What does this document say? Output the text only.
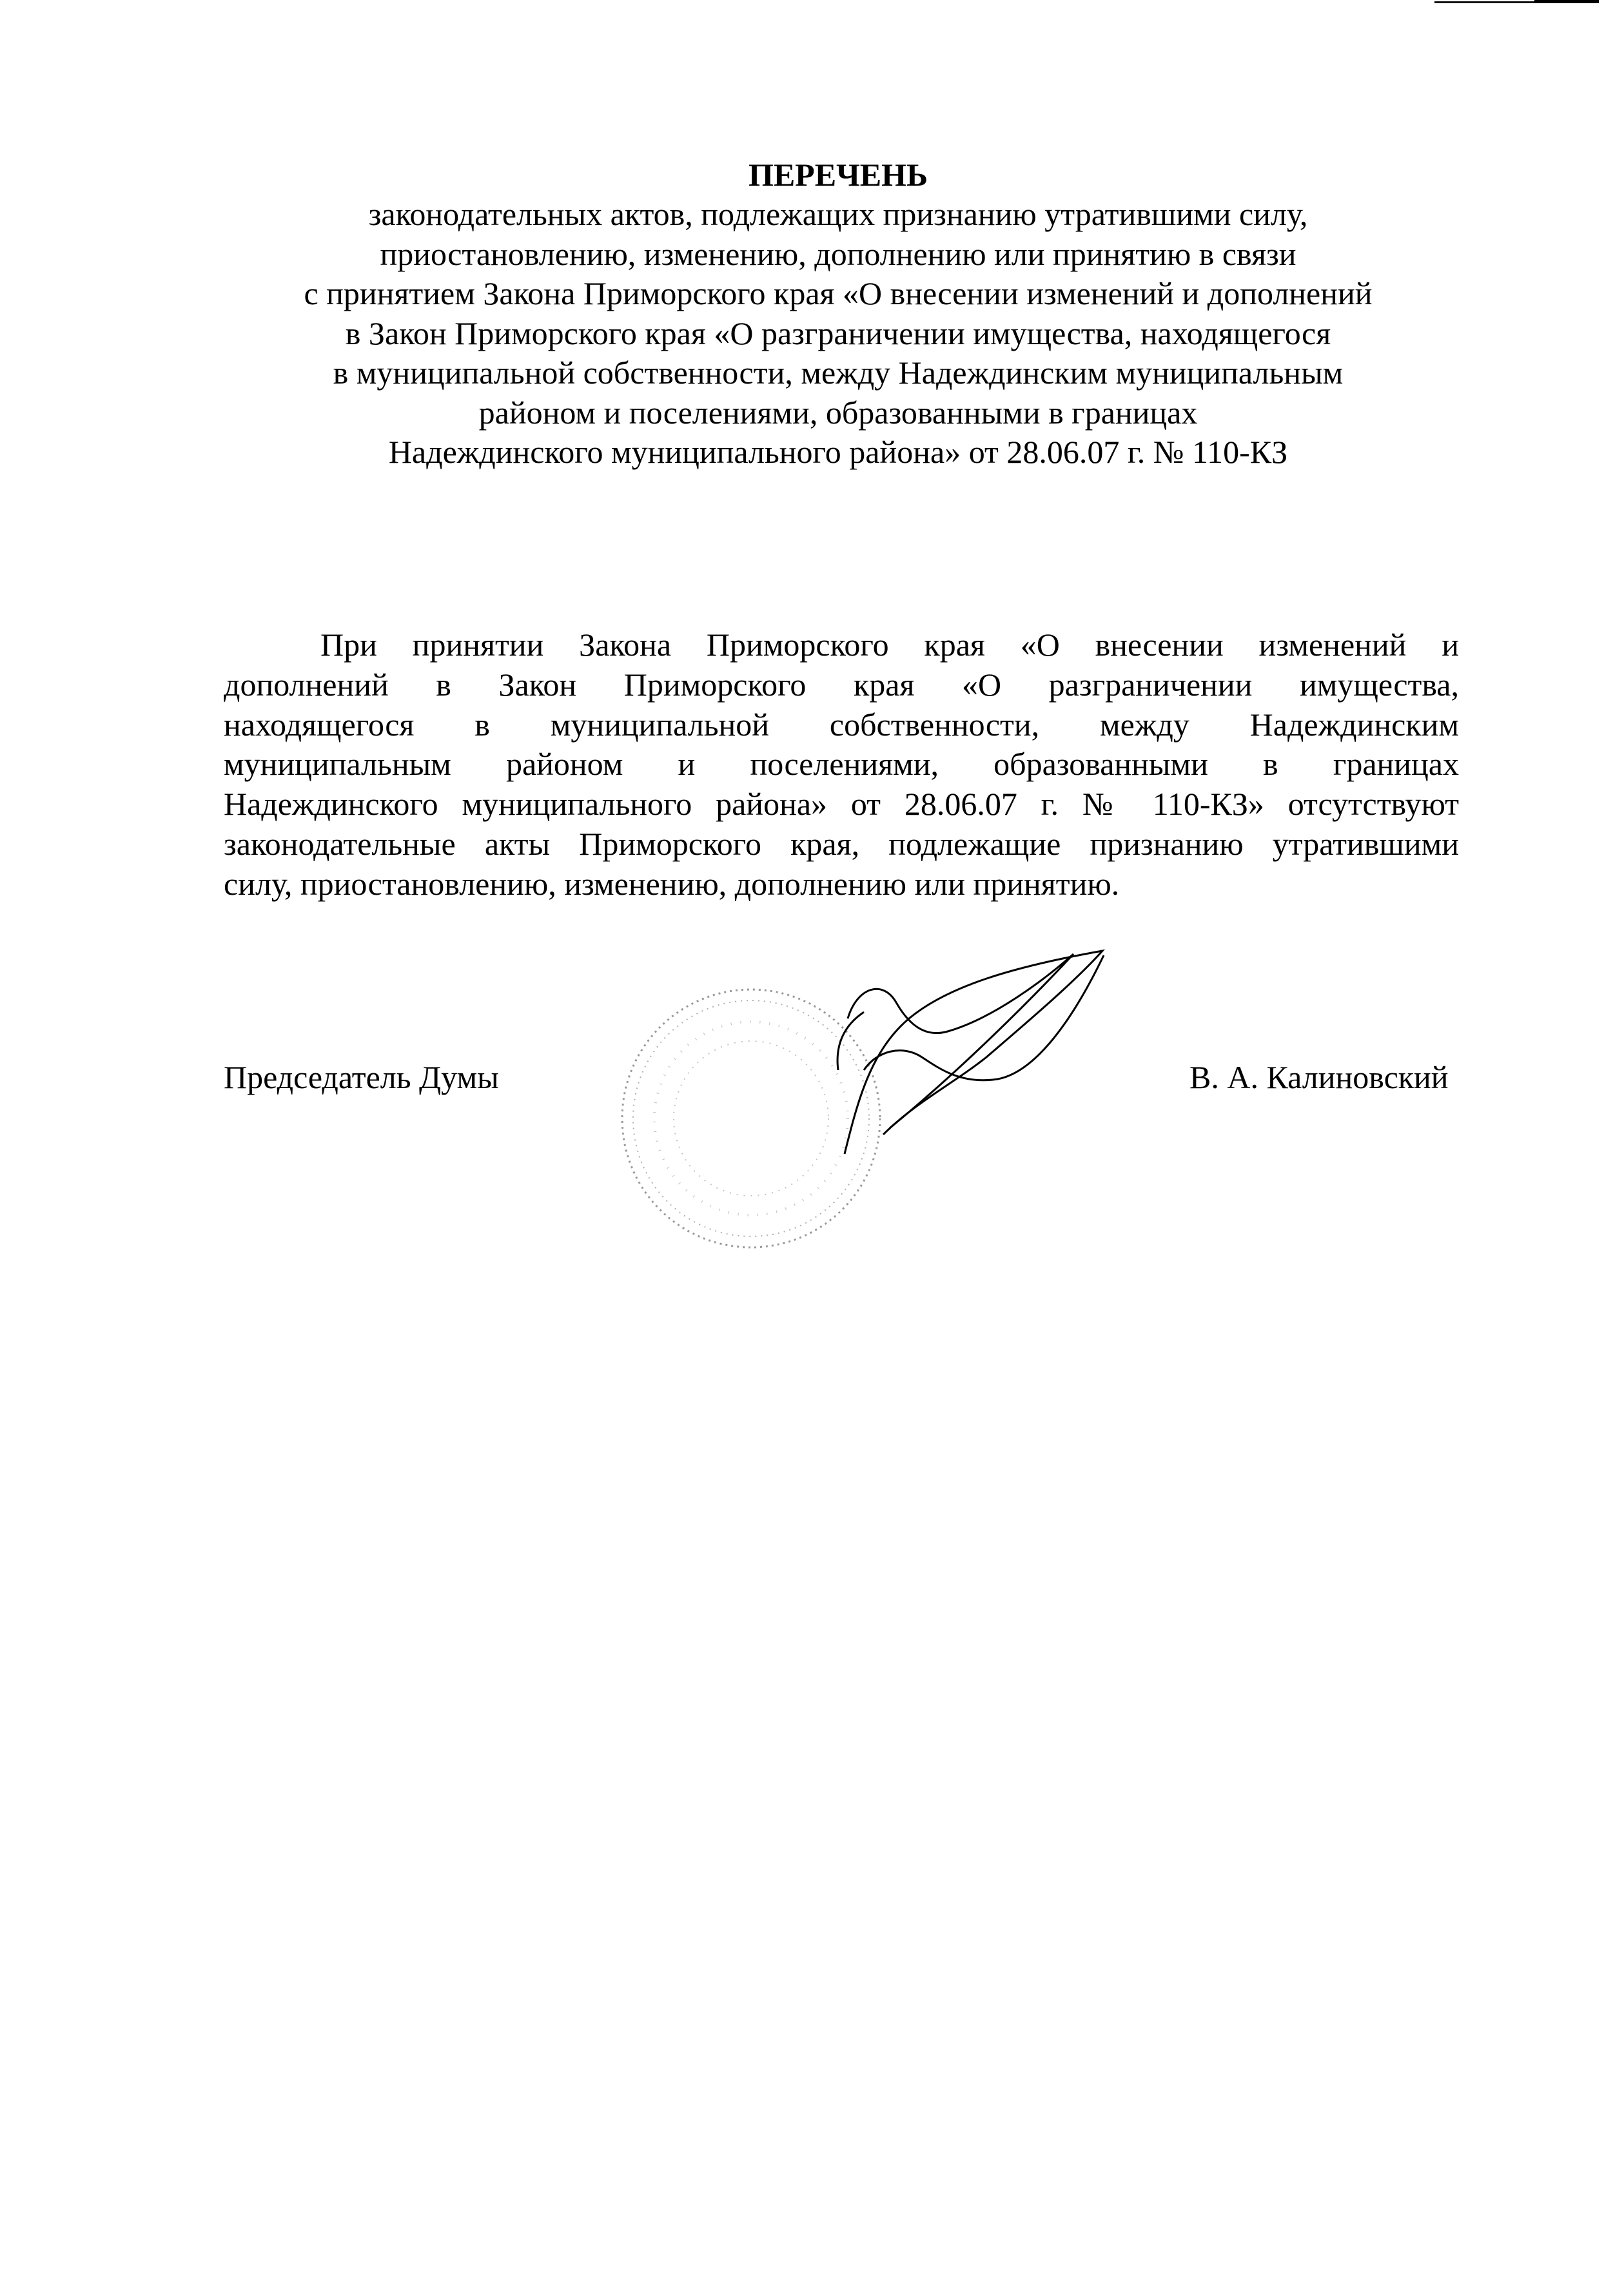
ПЕРЕЧЕНЬ

законодательных актов, подлежащих признанию утратившими силу,

приостановлению, изменению, дополнению или принятию в связи

с принятием Закона Приморского края «О внесении изменений и дополнений

в Закон Приморского края «О разграничении имущества, находящегося

в муниципальной собственности, между Надеждинским муниципальным

районом и поселениями, образованными в границах

Надеждинского муниципального района» от 28.06.07 г. № 110-КЗ

При принятии Закона Приморского края «О внесении изменений и
дополнений в Закон Приморского края «О разграничении имущества,
находящегося в муниципальной собственности, между Надеждинским
муниципальным районом и поселениями, образованными в границах
Надеждинского муниципального района» от 28.06.07 г. № 110-КЗ» отсутствуют
законодательные акты Приморского края, подлежащие признанию утратившими
силу, приостановлению, изменению, дополнению или принятию.
Председатель Думы	В. А. Калиновский
